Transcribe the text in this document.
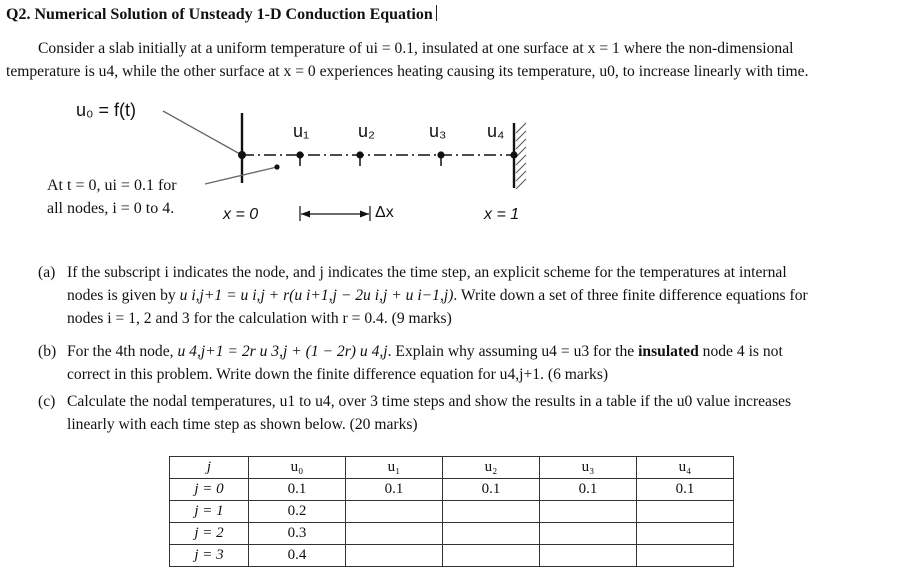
Q2. Numerical Solution of Unsteady 1-D Conduction Equation
Consider a slab initially at a uniform temperature of ui = 0.1, insulated at one surface at x = 1 where the non-dimensional
temperature is u4, while the other surface at x = 0 experiences heating causing its temperature, u0, to increase linearly with time.
u₀ = f(t)
u₁	u₂	u₃ u₄
At t = 0, ui = 0.1 for
all nodes, i = 0 to 4.	x = 0	Δx	x = 1
(a) If the subscript i indicates the node, and j indicates the time step, an explicit scheme for the temperatures at internal
nodes is given by u i,j+1 = u i,j + r(u i+1,j − 2u i,j + u i−1,j). Write down a set of three finite difference equations for
nodes i = 1, 2 and 3 for the calculation with r = 0.4. (9 marks)
(b) For the 4th node, u 4,j+1 = 2r u 3,j + (1 − 2r) u 4,j. Explain why assuming u4 = u3 for the insulated node 4 is not
correct in this problem. Write down the finite difference equation for u4,j+1. (6 marks)
(c) Calculate the nodal temperatures, u1 to u4, over 3 time steps and show the results in a table if the u0 value increases
linearly with each time step as shown below. (20 marks)
j	u₀	u₁	u₂	u₃	u₄
j = 0	0.1	0.1	0.1	0.1	0.1
j = 1	0.2				
j = 2	0.3				
j = 3	0.4				
